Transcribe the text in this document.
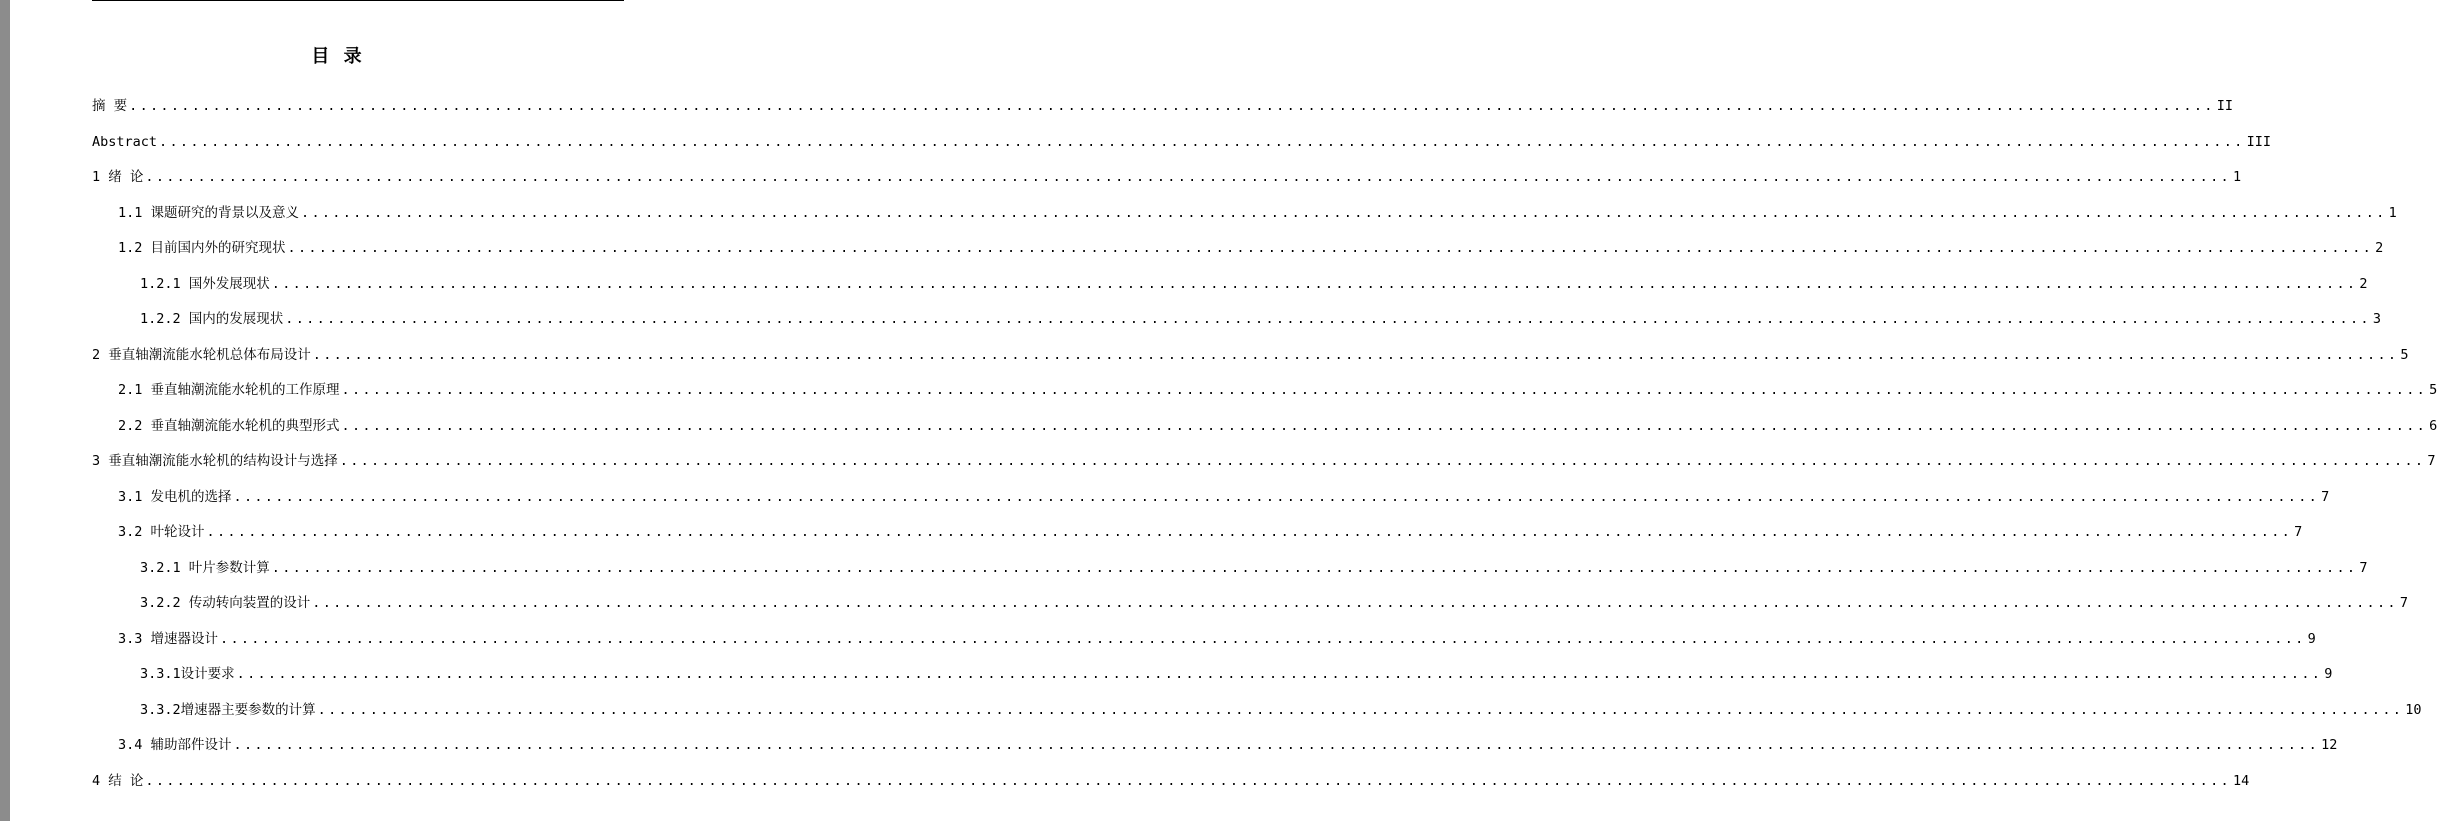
目 录
摘 要 ........................................................................................................................................................................................................ II
Abstract ........................................................................................................................................................................................................ III
1 绪 论 ........................................................................................................................................................................................................ 1
1.1 课题研究的背景以及意义 ........................................................................................................................................................................................................ 1
1.2 目前国内外的研究现状 ........................................................................................................................................................................................................ 2
1.2.1 国外发展现状 ........................................................................................................................................................................................................ 2
1.2.2 国内的发展现状 ........................................................................................................................................................................................................ 3
2 垂直轴潮流能水轮机总体布局设计 ........................................................................................................................................................................................................ 5
2.1 垂直轴潮流能水轮机的工作原理 ........................................................................................................................................................................................................ 5
2.2 垂直轴潮流能水轮机的典型形式 ........................................................................................................................................................................................................ 6
3 垂直轴潮流能水轮机的结构设计与选择 ........................................................................................................................................................................................................ 7
3.1 发电机的选择 ........................................................................................................................................................................................................ 7
3.2 叶轮设计 ........................................................................................................................................................................................................ 7
3.2.1 叶片参数计算 ........................................................................................................................................................................................................ 7
3.2.2 传动转向装置的设计 ........................................................................................................................................................................................................ 7
3.3 增速器设计 ........................................................................................................................................................................................................ 9
3.3.1设计要求 ........................................................................................................................................................................................................ 9
3.3.2增速器主要参数的计算 ........................................................................................................................................................................................................ 10
3.4 辅助部件设计 ........................................................................................................................................................................................................ 12
4 结 论 ........................................................................................................................................................................................................ 14
